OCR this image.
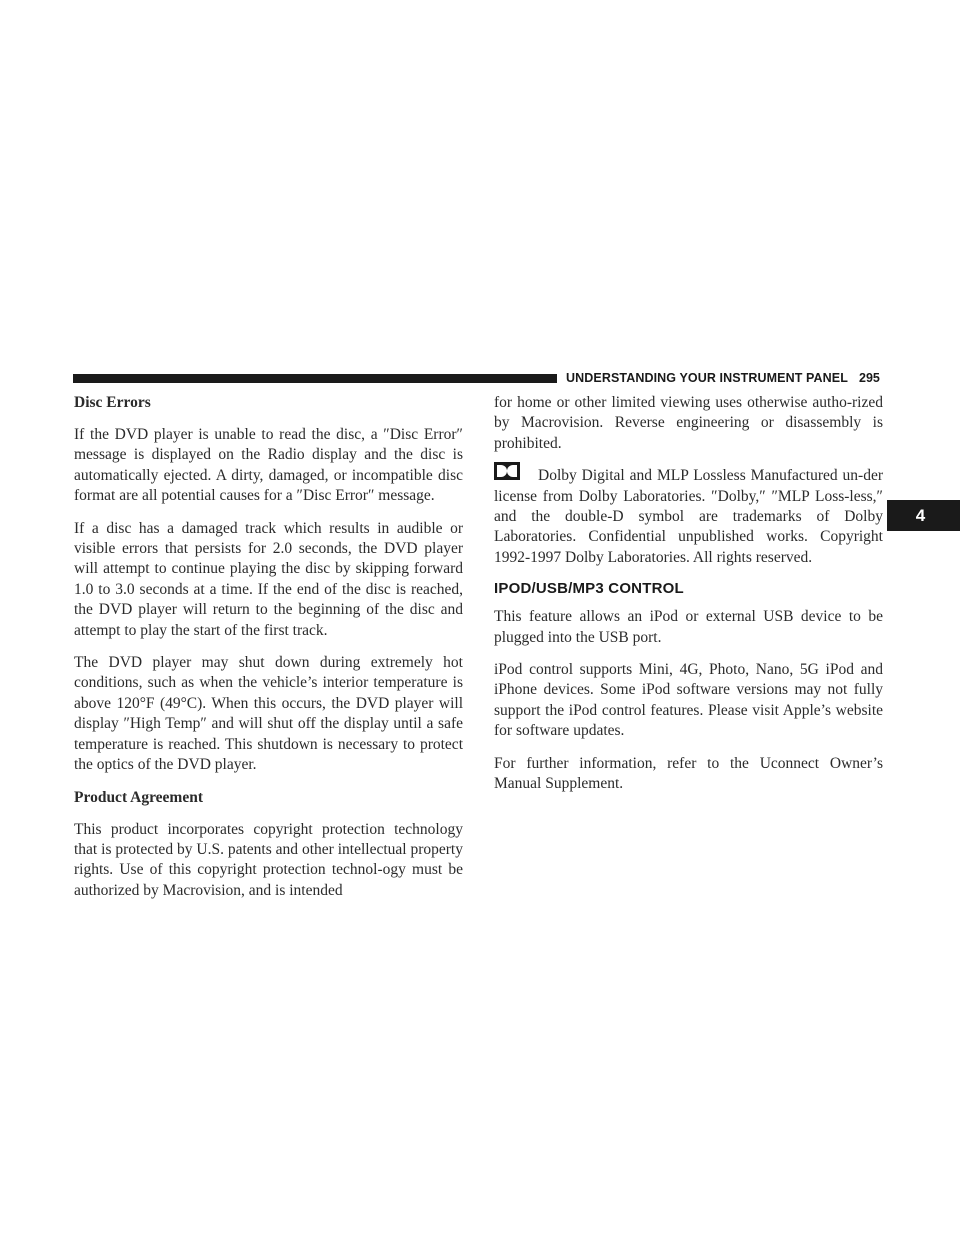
UNDERSTANDING YOUR INSTRUMENT PANEL 295
4
Disc Errors

If the DVD player is unable to read the disc, a ″Disc Error″ message is displayed on the Radio display and the disc is automatically ejected. A dirty, damaged, or incompatible disc format are all potential causes for a ″Disc Error″ message.

If a disc has a damaged track which results in audible or visible errors that persists for 2.0 seconds, the DVD player will attempt to continue playing the disc by skipping forward 1.0 to 3.0 seconds at a time. If the end of the disc is reached, the DVD player will return to the beginning of the disc and attempt to play the start of the first track.

The DVD player may shut down during extremely hot conditions, such as when the vehicle’s interior temperature is above 120°F (49°C). When this occurs, the DVD player will display ″High Temp″ and will shut off the display until a safe temperature is reached. This shutdown is necessary to protect the optics of the DVD player.

Product Agreement

This product incorporates copyright protection technology that is protected by U.S. patents and other intellectual property rights. Use of this copyright protection technol-ogy must be authorized by Macrovision, and is intended

for home or other limited viewing uses otherwise autho-rized by Macrovision. Reverse engineering or disassembly is prohibited.

Dolby Digital and MLP Lossless Manufactured un-der license from Dolby Laboratories. ″Dolby,″ ″MLP Loss-less,″ and the double-D symbol are trademarks of Dolby Laboratories. Confidential unpublished works. Copyright 1992-1997 Dolby Laboratories. All rights reserved.

IPOD/USB/MP3 CONTROL

This feature allows an iPod or external USB device to be plugged into the USB port.

iPod control supports Mini, 4G, Photo, Nano, 5G iPod and iPhone devices. Some iPod software versions may not fully support the iPod control features. Please visit Apple’s website for software updates.

For further information, refer to the Uconnect Owner’s Manual Supplement.
